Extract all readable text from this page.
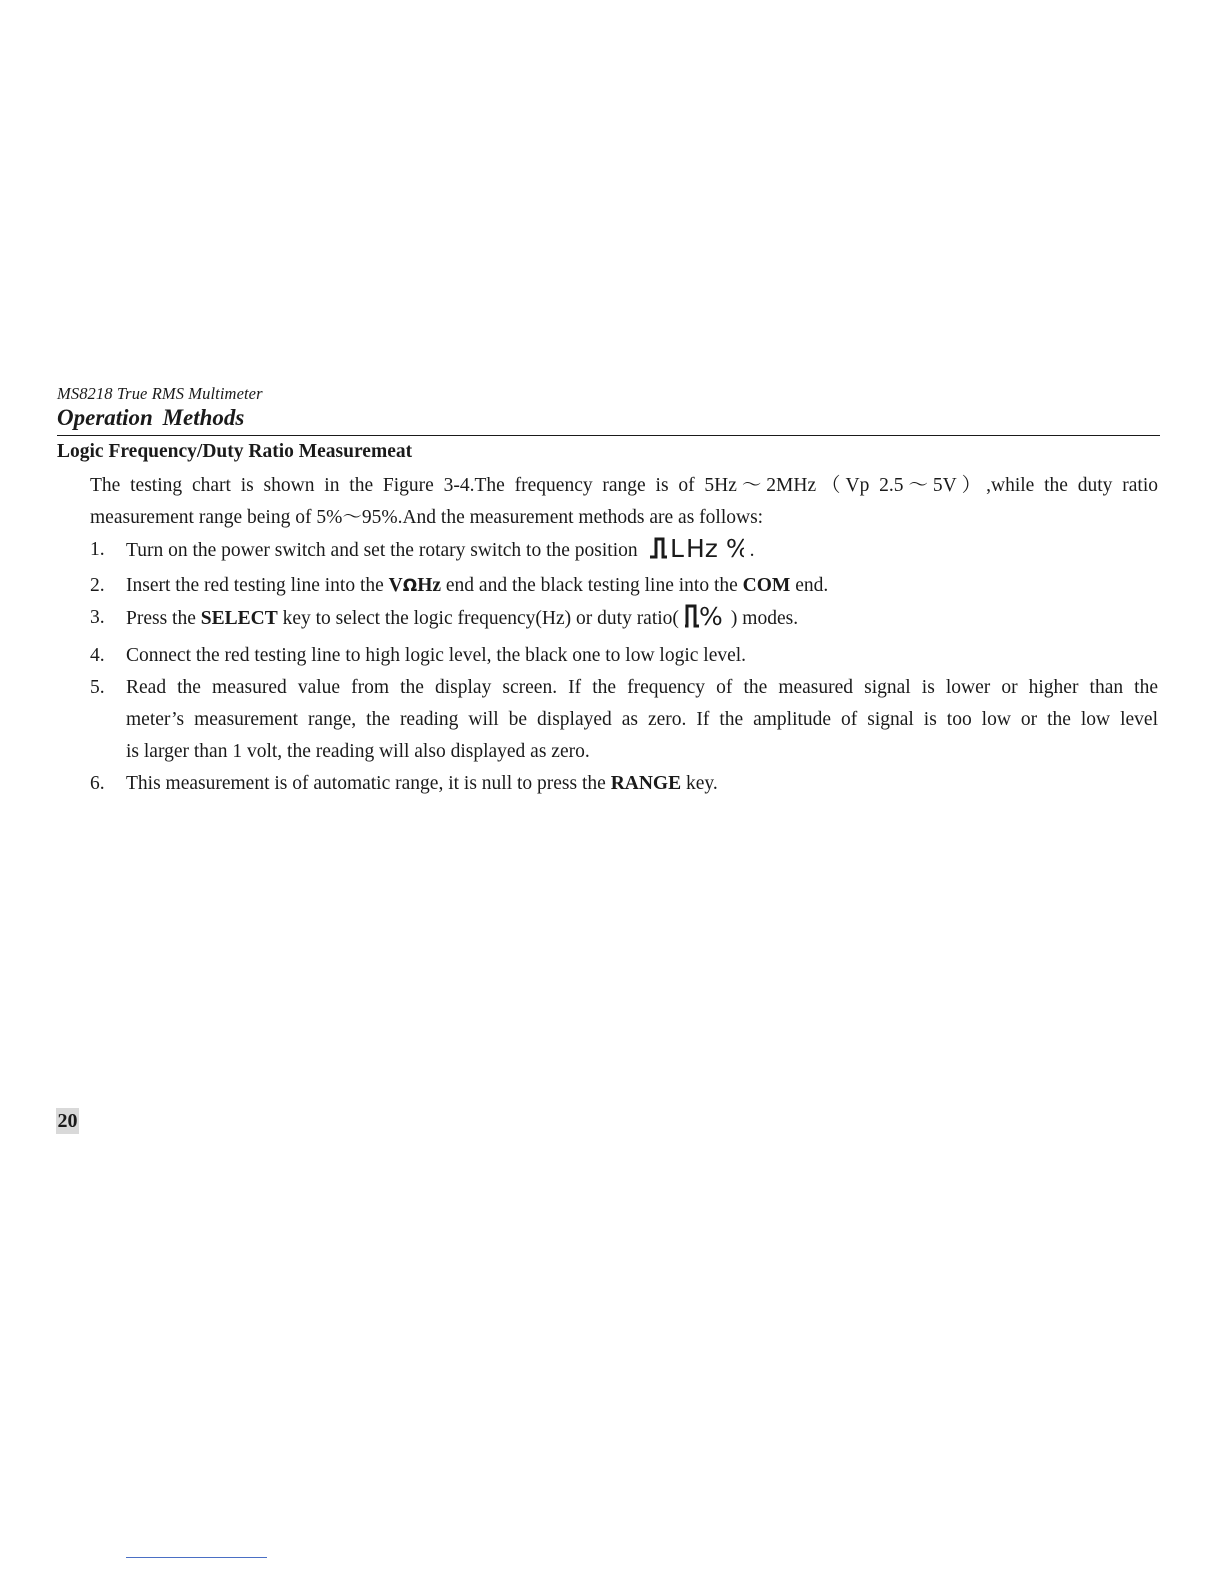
MS8218 True RMS Multimeter
Operation Methods
Logic Frequency/Duty Ratio Measuremeat
The testing chart is shown in the Figure 3-4.The frequency range is of 5Hz～2MHz（Vp 2.5～5V）,while the duty ratio
measurement range being of 5%～95%.And the measurement methods are as follows:
1.	Turn on the power switch and set the rotary switch to the position L Hz % .
2.	Insert the red testing line into the VΩHz end and the black testing line into the COM end.
3.	Press the SELECT key to select the logic frequency(Hz) or duty ratio( % ) modes.
4.	Connect the red testing line to high logic level, the black one to low logic level.
5.	Read the measured value from the display screen. If the frequency of the measured signal is lower or higher than the
meter’s measurement range, the reading will be displayed as zero. If the amplitude of signal is too low or the low level
is larger than 1 volt, the reading will also displayed as zero.
6.	This measurement is of automatic range, it is null to press the RANGE key.
20
